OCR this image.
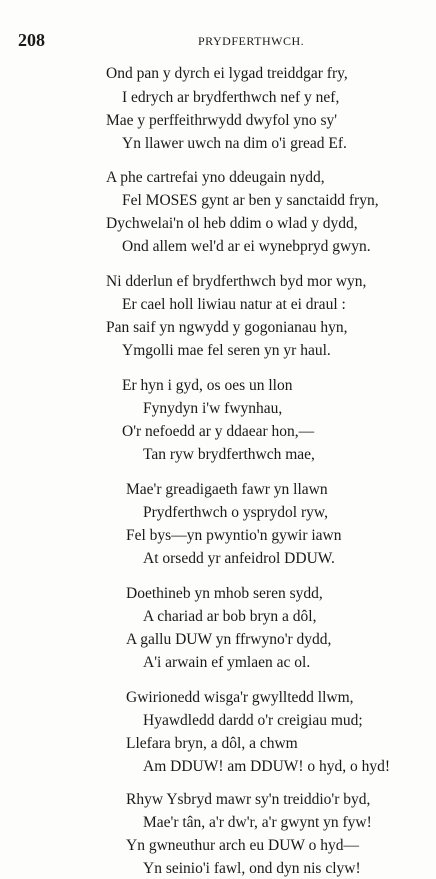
208	PRYDFERTHWCH.
Ond pan y dyrch ei lygad treiddgar fry,
I edrych ar brydferthwch nef y nef,
Mae y perffeithrwydd dwyfol yno sy'
Yn llawer uwch na dim o'i gread Ef.
A phe cartrefai yno ddeugain nydd,
Fel MOSES gynt ar ben y sanctaidd fryn,
Dychwelai'n ol heb ddim o wlad y dydd,
Ond allem wel'd ar ei wynebpryd gwyn.
Ni dderlun ef brydferthwch byd mor wyn,
Er cael holl liwiau natur at ei draul :
Pan saif yn ngwydd y gogonianau hyn,
Ymgolli mae fel seren yn yr haul.
Er hyn i gyd, os oes un llon
Fynydyn i'w fwynhau,
O'r nefoedd ar y ddaear hon,—
Tan ryw brydferthwch mae,
Mae'r greadigaeth fawr yn llawn
Prydferthwch o ysprydol ryw,
Fel bys—yn pwyntio'n gywir iawn
At orsedd yr anfeidrol DDUW.
Doethineb yn mhob seren sydd,
A chariad ar bob bryn a dôl,
A gallu DUW yn ffrwyno'r dydd,
A'i arwain ef ymlaen ac ol.
Gwirionedd wisga'r gwylltedd llwm,
Hyawdledd dardd o'r creigiau mud;
Llefara bryn, a dôl, a chwm
Am DDUW! am DDUW! o hyd, o hyd!
Rhyw Ysbryd mawr sy'n treiddio'r byd,
Mae'r tân, a'r dw'r, a'r gwynt yn fyw!
Yn gwneuthur arch eu DUW o hyd—
Yn seinio'i fawl, ond dyn nis clyw!
